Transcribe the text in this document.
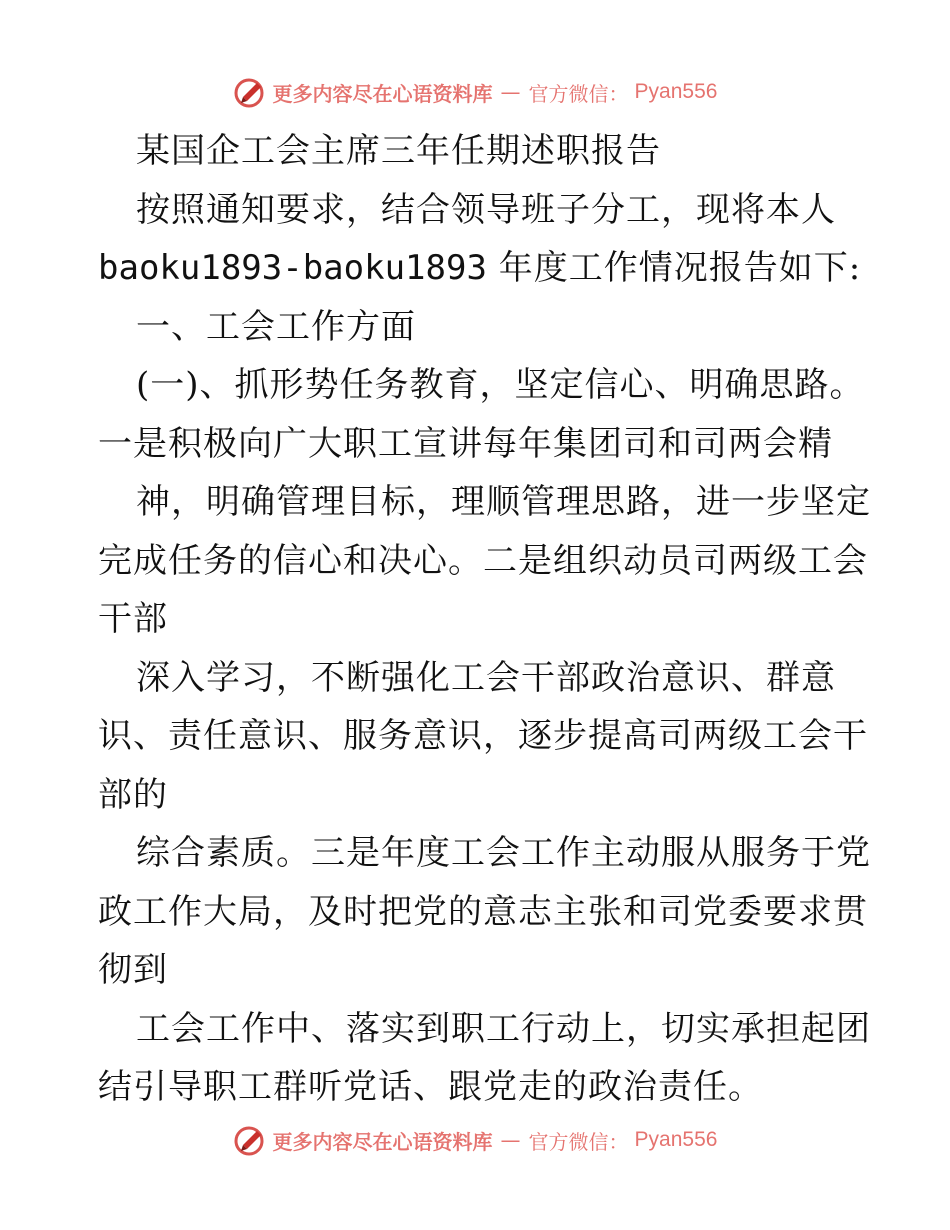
更多内容尽在心语资料库 — 官方微信： Pyan556
某国企工会主席三年任期述职报告
按照通知要求，结合领导班子分工，现将本人
baoku1893-baoku1893 年度工作情况报告如下:
一、工会工作方面
(一)、抓形势任务教育，坚定信心、明确思路。
一是积极向广大职工宣讲每年集团司和司两会精
神，明确管理目标，理顺管理思路，进一步坚定
完成任务的信心和决心。二是组织动员司两级工会
干部
深入学习，不断强化工会干部政治意识、群意
识、责任意识、服务意识，逐步提高司两级工会干
部的
综合素质。三是年度工会工作主动服从服务于党
政工作大局，及时把党的意志主张和司党委要求贯
彻到
工会工作中、落实到职工行动上，切实承担起团
结引导职工群听党话、跟党走的政治责任。
更多内容尽在心语资料库 — 官方微信： Pyan556
